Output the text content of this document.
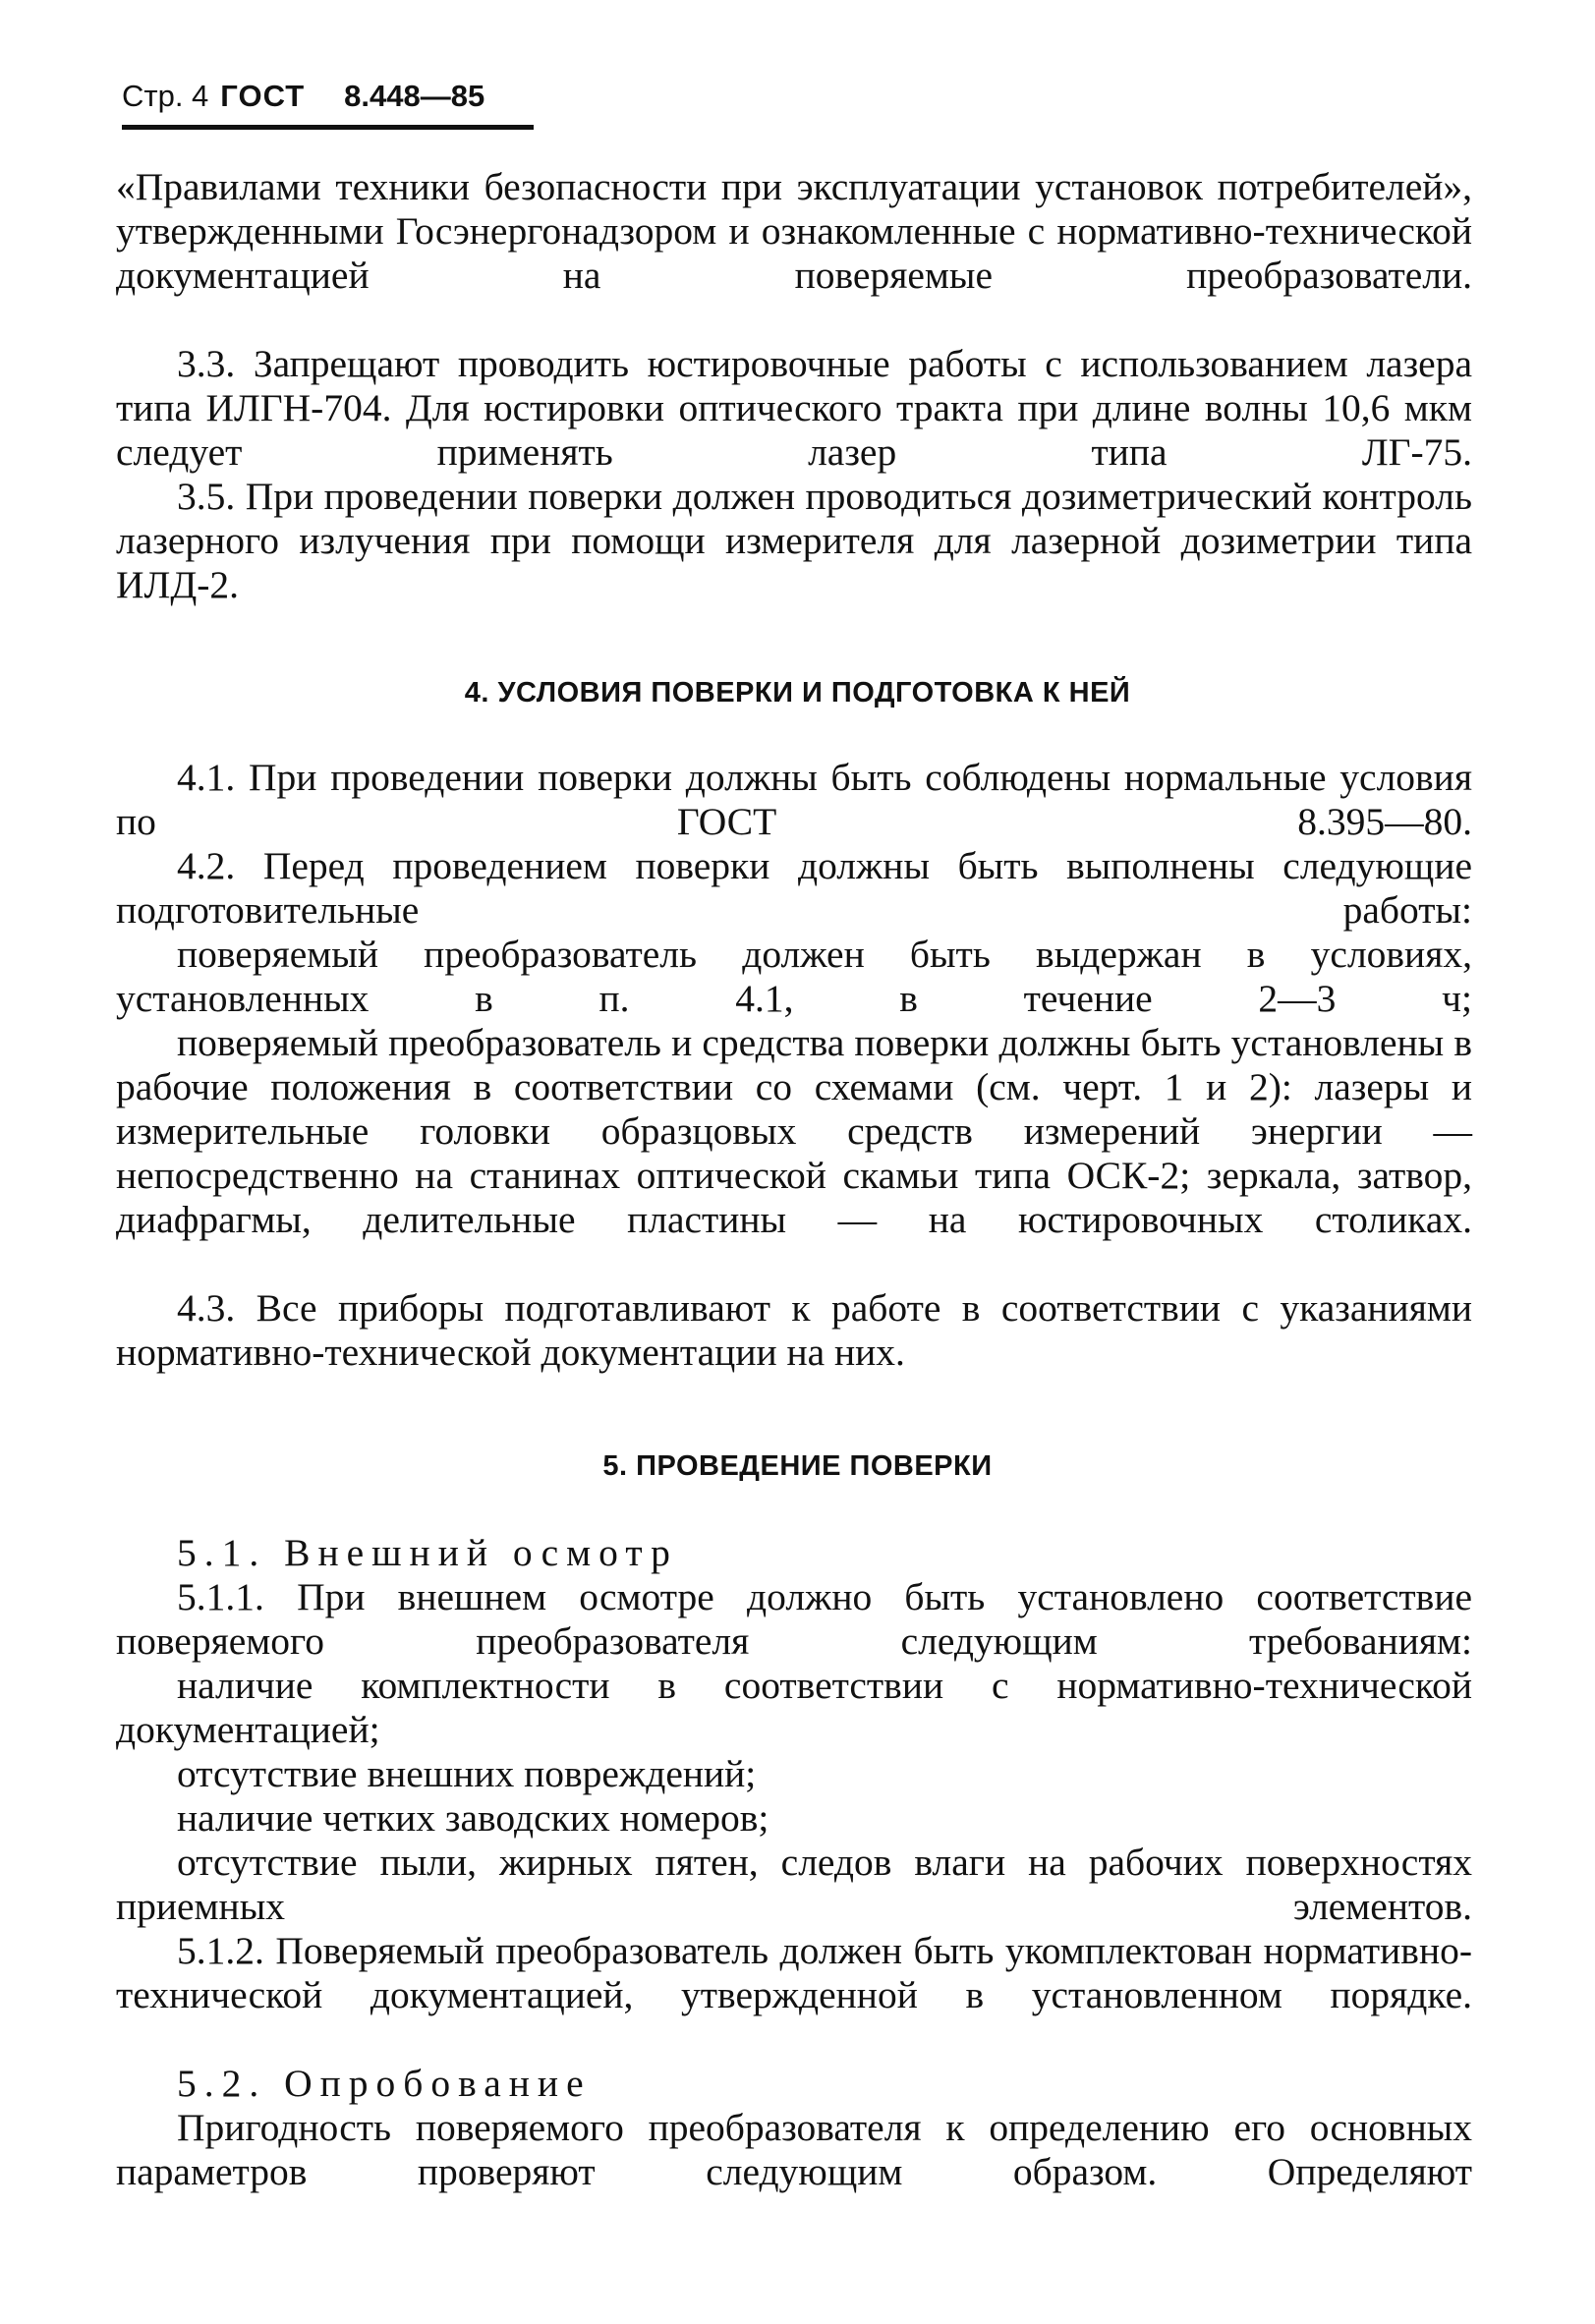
Стр. 4 ГОСТ 8.448—85
«Правилами техники безопасности при эксплуатации установок потребителей», утвержденными Госэнергонадзором и ознакомленные с нормативно-технической документацией на поверяемые преобразователи.
3.3. Запрещают проводить юстировочные работы с использованием лазера типа ИЛГН-704. Для юстировки оптического тракта при длине волны 10,6 мкм следует применять лазер типа ЛГ-75.
3.5. При проведении поверки должен проводиться дозиметрический контроль лазерного излучения при помощи измерителя для лазерной дозиметрии типа ИЛД-2.
4. УСЛОВИЯ ПОВЕРКИ И ПОДГОТОВКА К НЕЙ
4.1. При проведении поверки должны быть соблюдены нормальные условия по ГОСТ 8.395—80.
4.2. Перед проведением поверки должны быть выполнены следующие подготовительные работы:
поверяемый преобразователь должен быть выдержан в условиях, установленных в п. 4.1, в течение 2—3 ч;
поверяемый преобразователь и средства поверки должны быть установлены в рабочие положения в соответствии со схемами (см. черт. 1 и 2): лазеры и измерительные головки образцовых средств измерений энергии — непосредственно на станинах оптической скамьи типа ОСК-2; зеркала, затвор, диафрагмы, делительные пластины — на юстировочных столиках.
4.3. Все приборы подготавливают к работе в соответствии с указаниями нормативно-технической документации на них.
5. ПРОВЕДЕНИЕ ПОВЕРКИ
5.1. Внешний осмотр
5.1.1. При внешнем осмотре должно быть установлено соответствие поверяемого преобразователя следующим требованиям:
наличие комплектности в соответствии с нормативно-технической документацией;
отсутствие внешних повреждений;
наличие четких заводских номеров;
отсутствие пыли, жирных пятен, следов влаги на рабочих поверхностях приемных элементов.
5.1.2. Поверяемый преобразователь должен быть укомплектован нормативно-технической документацией, утвержденной в установленном порядке.
5.2. Опробование
Пригодность поверяемого преобразователя к определению его основных параметров проверяют следующим образом. Определяют
